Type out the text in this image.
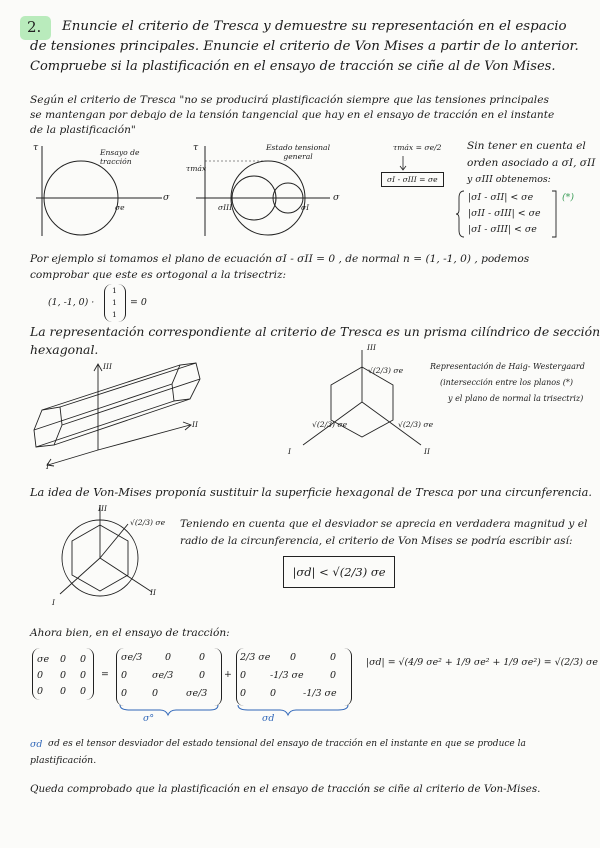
2. Enuncie el criterio de Tresca y demuestre su representación en el espacio
de tensiones principales. Enuncie el criterio de Von Mises a partir de lo anterior.
Compruebe si la plastificación en el ensayo de tracción se ciñe al de Von Mises.
Según el criterio de Tresca "no se producirá plastificación siempre que las tensiones principales
se mantengan por debajo de la tensión tangencial que hay en el ensayo de tracción en el instante
de la plastificación"
τ	Ensayo de tracción
σe
σ
τ	Estado tensional general
τmáx
σIII	σI
σ
τmáx = σe/2
σI - σIII = σe
Sin tener en cuenta el
orden asociado a σI, σII
y σIII obtenemos:
|σI - σII| < σe
|σII - σIII| < σe
|σI - σIII| < σe
(*)
Por ejemplo si tomamos el plano de ecuación σI - σII = 0 , de normal n = (1, -1, 0) , podemos
comprobar que este es ortogonal a la trisectriz:
(1, -1, 0) ·
1
1
1
= 0
La representación correspondiente al criterio de Tresca es un prisma cilíndrico de sección
hexagonal.
III
II
I
III
I	II
√(2/3) σe
√(2/3) σe	√(2/3) σe
Representación de Haig- Westergaard
(intersección entre los planos (*)
y el plano de normal la trisectriz)
La idea de Von-Mises proponía sustituir la superficie hexagonal de Tresca por una circunferencia.
III
I
II
√(2/3) σe Teniendo en cuenta que el desviador se aprecia en verdadera magnitud y el
radio de la circunferencia, el criterio de Von Mises se podría escribir así:
|σd| < √(2/3) σe
Ahora bien, en el ensayo de tracción:
σe 0 0
0 0 0
0 0 0
=
σe/3 0	0
0	σe/3	0
0	0	σe/3
+
2/3 σe 0	0
0	-1/3 σe	0
0	0	-1/3 σe
σ°	σd
|σd| = √(4/9 σe² + 1/9 σe² + 1/9 σe²) = √(2/3) σe
σd σd es el tensor desviador del estado tensional del ensayo de tracción en el instante en que se produce la
plastificación.
Queda comprobado que la plastificación en el ensayo de tracción se ciñe al criterio de Von-Mises.
